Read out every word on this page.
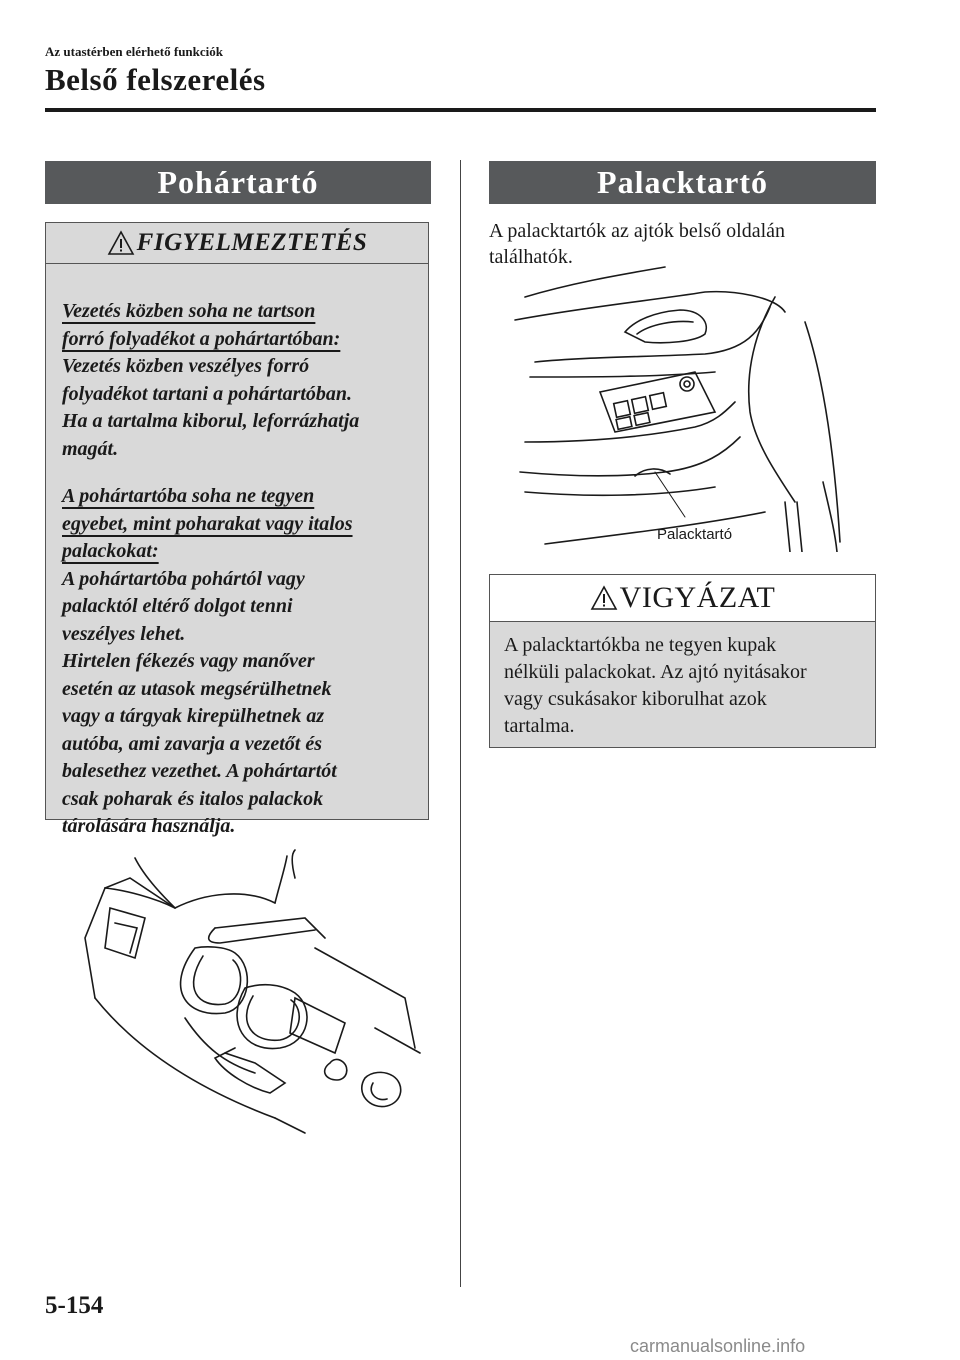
Az utastérben elérhető funkciók
Belső felszerelés
Pohártartó
FIGYELMEZTETÉS

Vezetés közben soha ne tartson

forró folyadékot a pohártartóban:

Vezetés közben veszélyes forró

folyadékot tartani a pohártartóban.

Ha a tartalma kiborul, leforrázhatja

magát.

A pohártartóba soha ne tegyen

egyebet, mint poharakat vagy italos

palackokat:

A pohártartóba pohártól vagy

palacktól eltérő dolgot tenni

veszélyes lehet.

Hirtelen fékezés vagy manőver

esetén az utasok megsérülhetnek

vagy a tárgyak kirepülhetnek az

autóba, ami zavarja a vezetőt és

balesethez vezethet. A pohártartót

csak poharak és italos palackok

tárolására használja.

Palacktartó
A palacktartók az ajtók belső oldalán
találhatók.
Palacktartó
VIGYÁZAT
A palacktartókba ne tegyen kupak
nélküli palackokat. Az ajtó nyitásakor
vagy csukásakor kiborulhat azok
tartalma.
5-154
carmanualsonline.info
